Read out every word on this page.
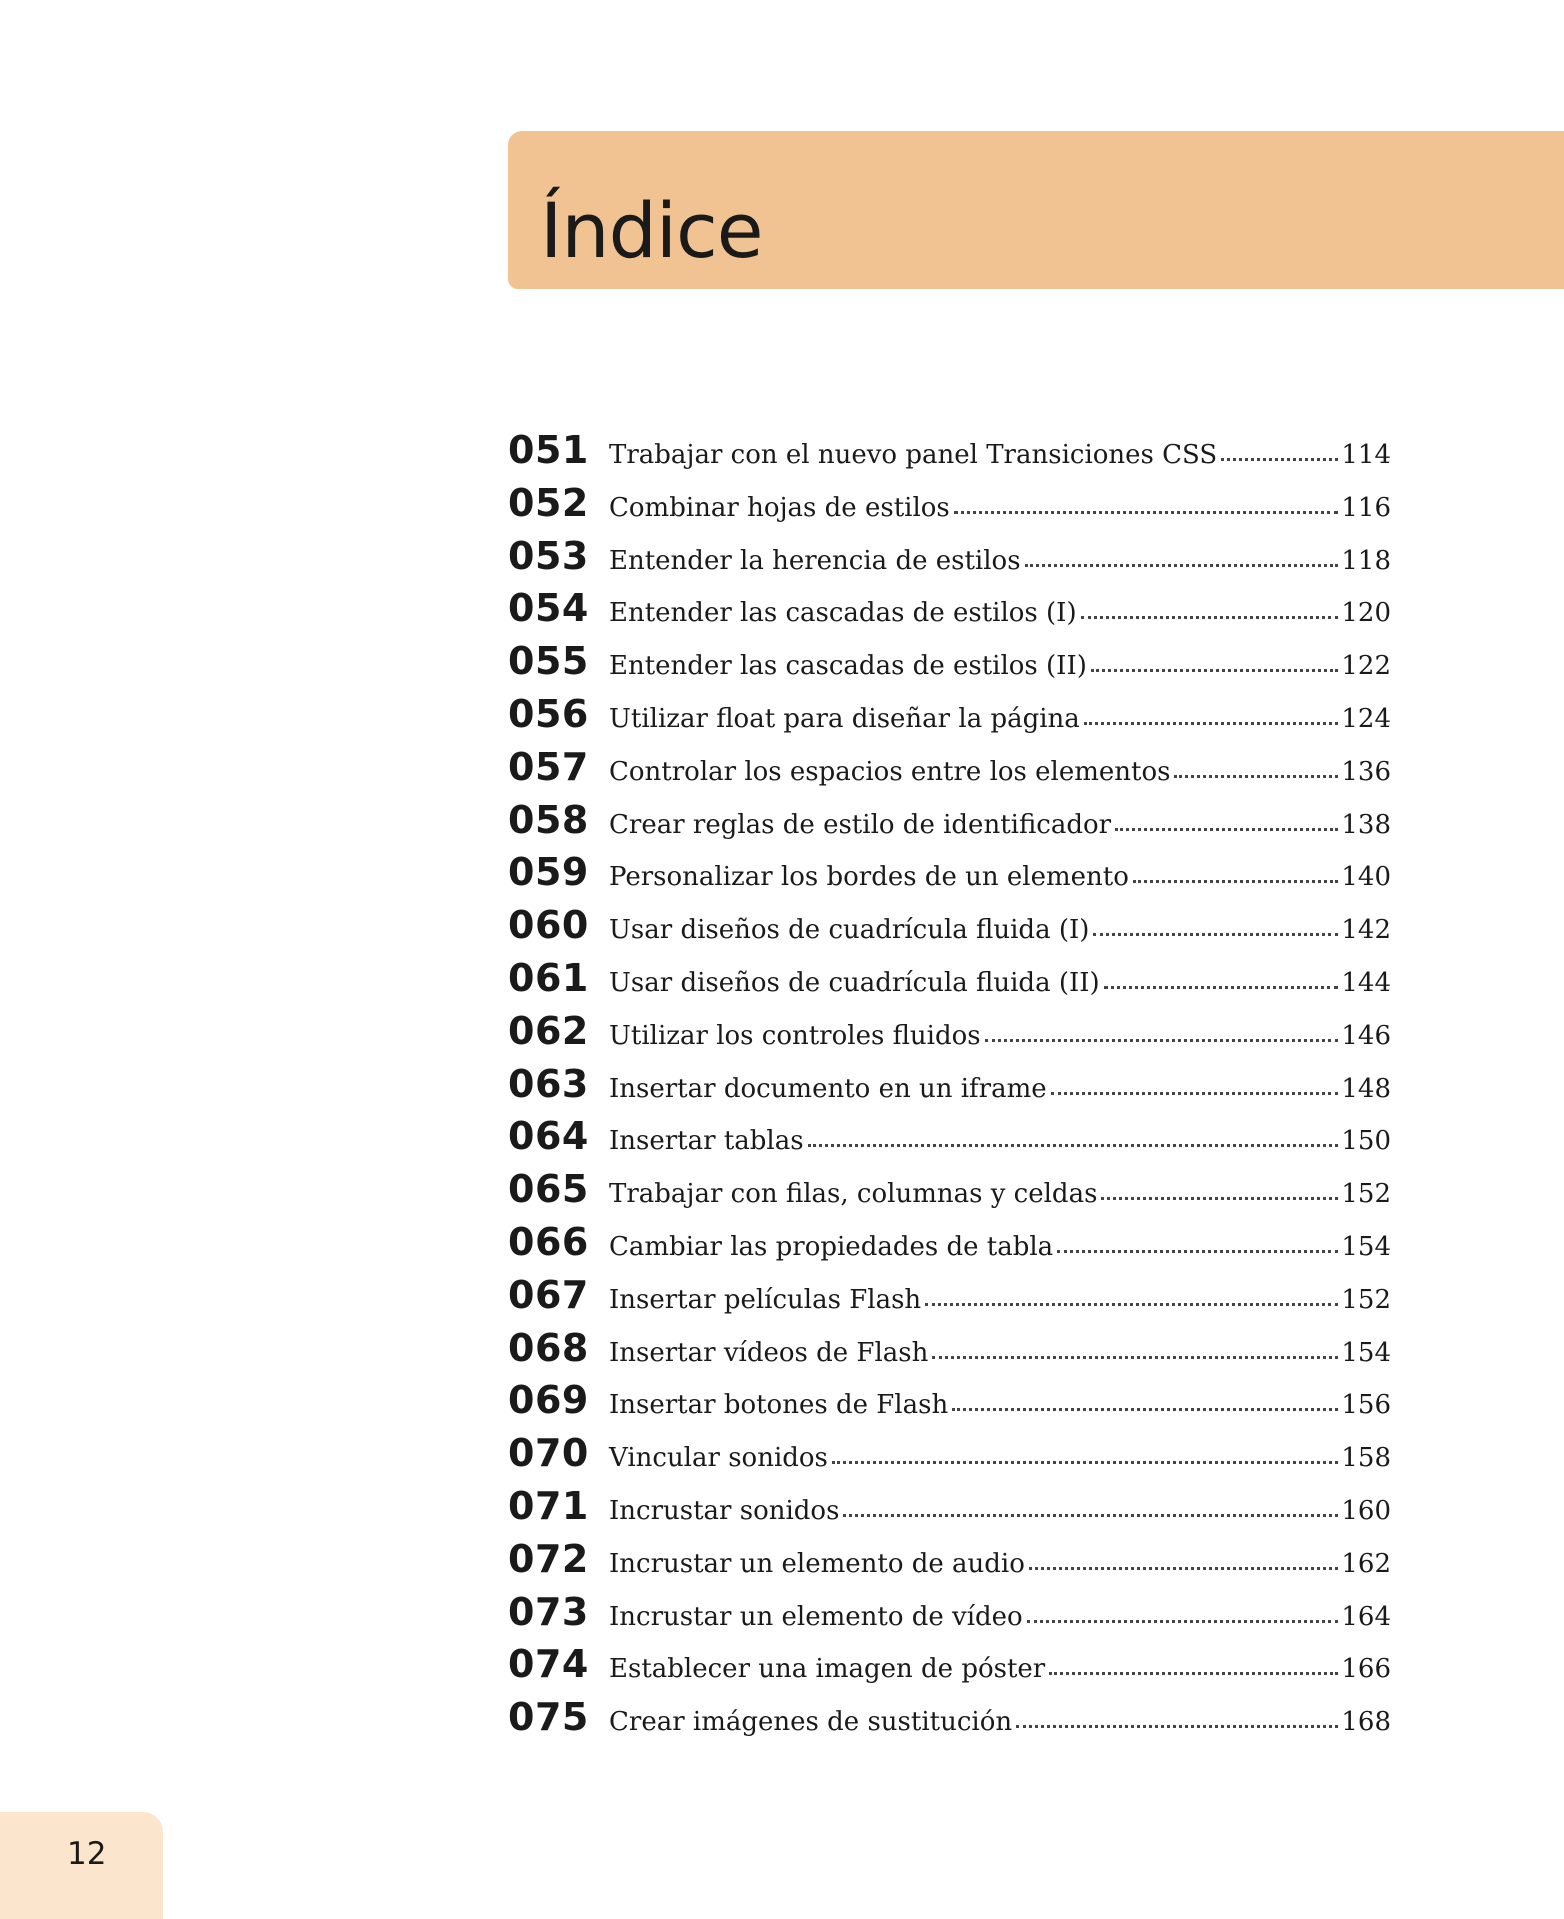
Índice
051 Trabajar con el nuevo panel Transiciones CSS	114
052 Combinar hojas de estilos	116
053 Entender la herencia de estilos	118
054 Entender las cascadas de estilos (I)	120
055 Entender las cascadas de estilos (II)	122
056 Utilizar float para diseñar la página	124
057 Controlar los espacios entre los elementos	136
058 Crear reglas de estilo de identificador	138
059 Personalizar los bordes de un elemento	140
060 Usar diseños de cuadrícula fluida (I)	142
061 Usar diseños de cuadrícula fluida (II)	144
062 Utilizar los controles fluidos	146
063 Insertar documento en un iframe	148
064 Insertar tablas	150
065 Trabajar con filas, columnas y celdas	152
066 Cambiar las propiedades de tabla	154
067 Insertar películas Flash	152
068 Insertar vídeos de Flash	154
069 Insertar botones de Flash	156
070 Vincular sonidos	158
071 Incrustar sonidos	160
072 Incrustar un elemento de audio	162
073 Incrustar un elemento de vídeo	164
074 Establecer una imagen de póster	166
075 Crear imágenes de sustitución	168
12
